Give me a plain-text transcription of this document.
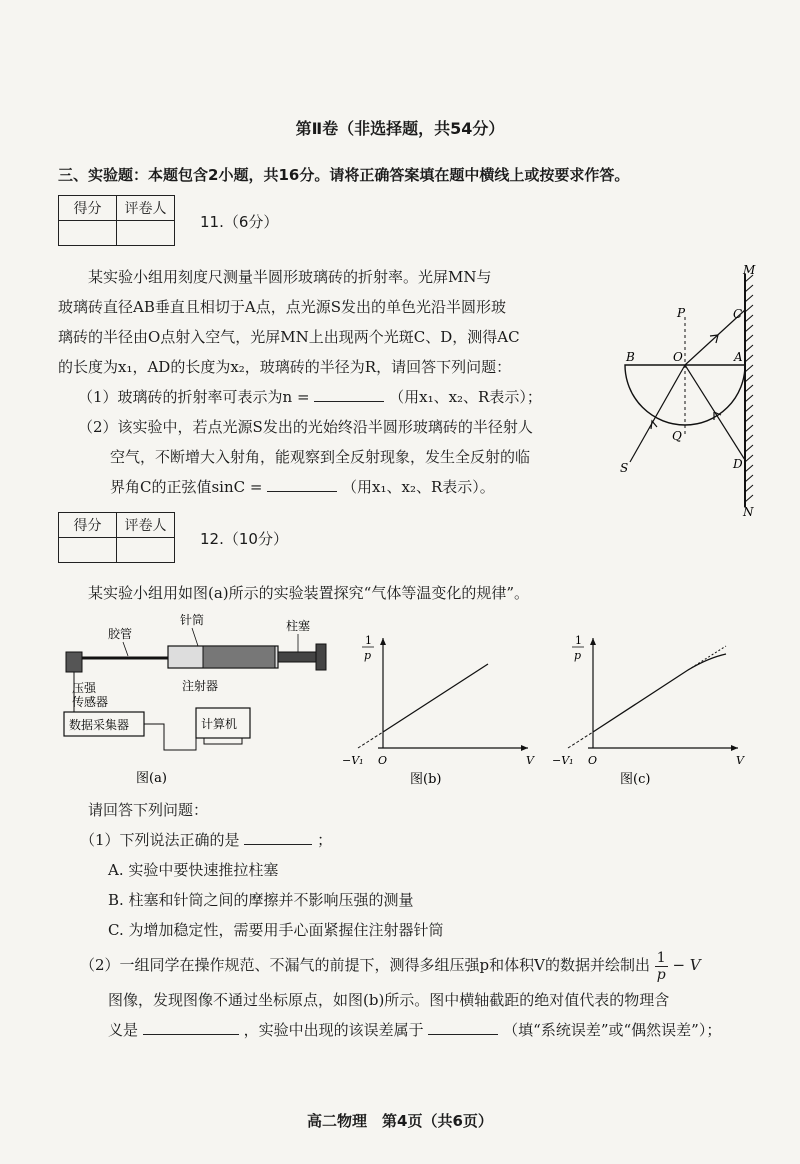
第Ⅱ卷（非选择题，共54分）
三、实验题：本题包含2小题，共16分。请将正确答案填在题中横线上或按要求作答。
得分	评卷人

11.（6分）
某实验小组用刻度尺测量半圆形玻璃砖的折射率。光屏MN与
玻璃砖直径AB垂直且相切于A点，点光源S发出的单色光沿半圆形玻
璃砖的半径由O点射入空气，光屏MN上出现两个光斑C、D，测得AC
的长度为x₁，AD的长度为x₂，玻璃砖的半径为R，请回答下列问题：
（1）玻璃砖的折射率可表示为n =	（用x₁、x₂、R表示）；
（2）该实验中，若点光源S发出的光始终沿半圆形玻璃砖的半径射人
空气，不断增大入射角，能观察到全反射现象，发生全反射的临
界角C的正弦值sinC =	（用x₁、x₂、R表示）。
M
N
P
Q
O	A
B
C
D
S
得分	评卷人

12.（10分）
某实验小组用如图(a)所示的实验装置探究“气体等温变化的规律”。
胶管
针筒	柱塞
注射器
压强
传感器
数据采集器	计算机
图(a)
1
p
V
O
−V₁
图(b)
1
p
V
O
−V₁
图(c)
请回答下列问题：
（1）下列说法正确的是	；
A. 实验中要快速推拉柱塞
B. 柱塞和针筒之间的摩擦并不影响压强的测量
C. 为增加稳定性，需要用手心面紧握住注射器针筒
（2）一组同学在操作规范、不漏气的前提下，测得多组压强p和体积V的数据并绘制出 $\frac{1}{p} - V$
图像，发现图像不通过坐标原点，如图(b)所示。图中横轴截距的绝对值代表的物理含
义是	，实验中出现的该误差属于	（填“系统误差”或“偶然误差”）；
高二物理　第4页（共6页）
